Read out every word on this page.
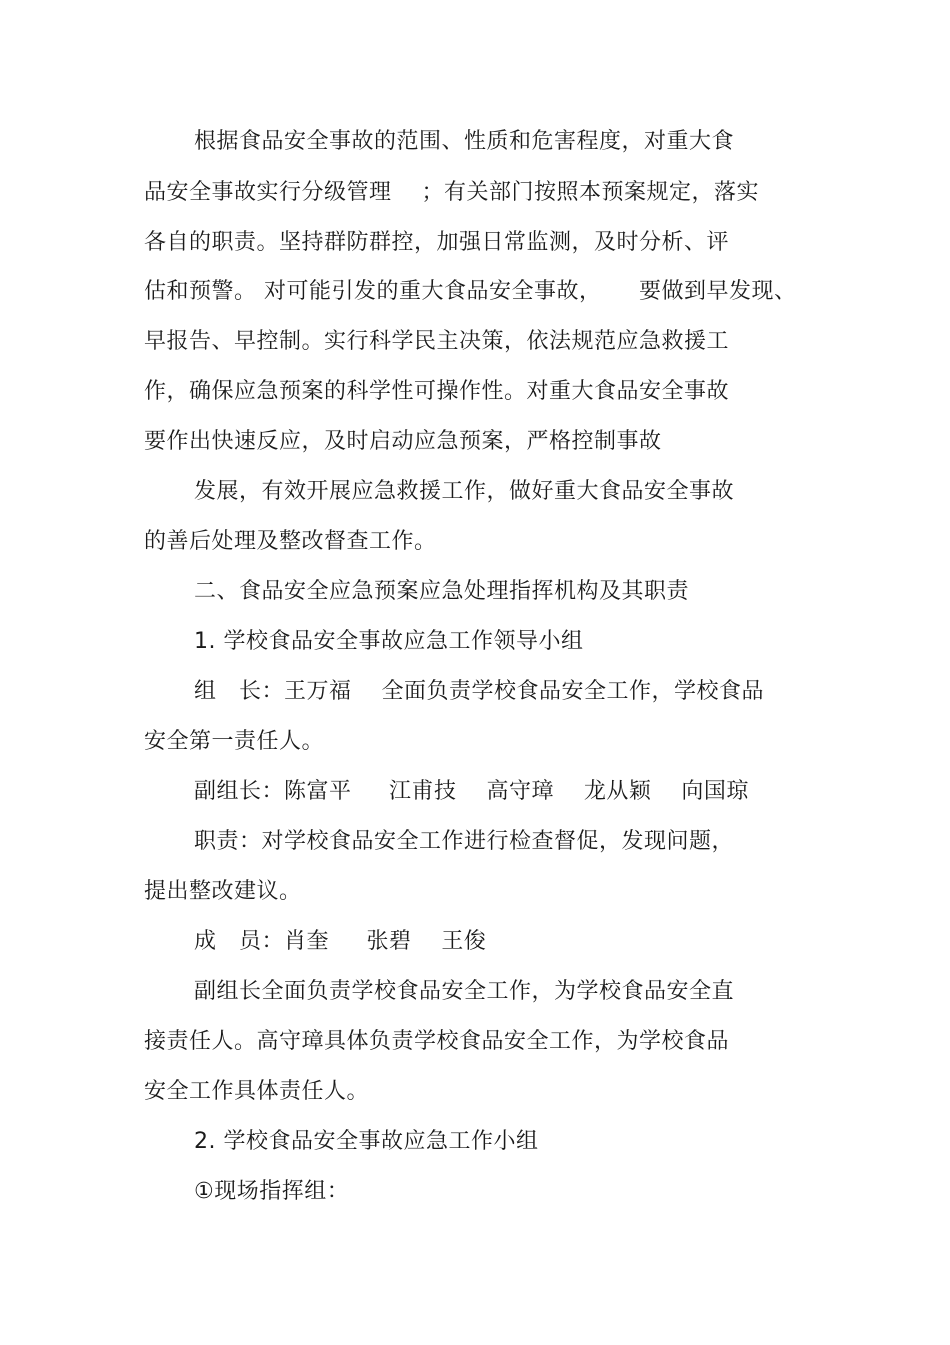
根据食品安全事故的范围、性质和危害程度，对重大食
品安全事故实行分级管理    ；有关部门按照本预案规定，落实
各自的职责。坚持群防群控，加强日常监测，及时分析、评
估和预警。 对可能引发的重大食品安全事故，     要做到早发现、
早报告、早控制。实行科学民主决策，依法规范应急救援工
作，确保应急预案的科学性可操作性。对重大食品安全事故
要作出快速反应，及时启动应急预案，严格控制事故
发展，有效开展应急救援工作，做好重大食品安全事故
的善后处理及整改督查工作。
二、食品安全应急预案应急处理指挥机构及其职责
1. 学校食品安全事故应急工作领导小组
组   长：王万福    全面负责学校食品安全工作，学校食品
安全第一责任人。
副组长：陈富平     江甫技    高守璋    龙从颖    向国琼
职责：对学校食品安全工作进行检查督促，发现问题，
提出整改建议。
成   员：肖奎     张碧    王俊
副组长全面负责学校食品安全工作，为学校食品安全直
接责任人。高守璋具体负责学校食品安全工作，为学校食品
安全工作具体责任人。
2. 学校食品安全事故应急工作小组
①现场指挥组：
